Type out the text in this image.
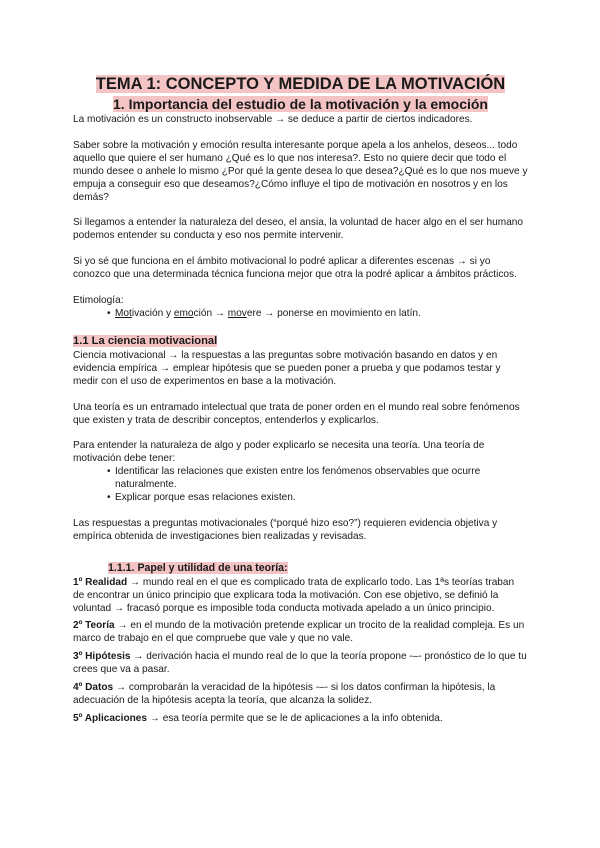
TEMA 1: CONCEPTO Y MEDIDA DE LA MOTIVACIÓN
1. Importancia del estudio de la motivación y la emoción

La motivación es un constructo inobservable → se deduce a partir de ciertos indicadores.

Saber sobre la motivación y emoción resulta interesante porque apela a los anhelos, deseos... todo aquello que quiere el ser humano ¿Qué es lo que nos interesa?. Esto no quiere decir que todo el mundo desee o anhele lo mismo ¿Por qué la gente desea lo que desea?¿Qué es lo que nos mueve y empuja a conseguir eso que deseamos?¿Cómo influye el tipo de motivación en nosotros y en los demás?

Si llegamos a entender la naturaleza del deseo, el ansia, la voluntad de hacer algo en el ser humano podemos entender su conducta y eso nos permite intervenir.

Si yo sé que funciona en el ámbito motivacional lo podré aplicar a diferentes escenas → si yo conozco que una determinada técnica funciona mejor que otra la podré aplicar a ámbitos prácticos.

Etimología:
• Motivación y emoción → movere → ponerse en movimiento en latín.
1.1 La ciencia motivacional

Ciencia motivacional → la respuestas a las preguntas sobre motivación basando en datos y en evidencia empírica → emplear hipótesis que se pueden poner a prueba y que podamos testar y medir con el uso de experimentos en base a la motivación.

Una teoría es un entramado intelectual que trata de poner orden en el mundo real sobre fenómenos que existen y trata de describir conceptos, entenderlos y explicarlos.

Para entender la naturaleza de algo y poder explicarlo se necesita una teoría. Una teoría de motivación debe tener:

• Identificar las relaciones que existen entre los fenómenos observables que ocurre naturalmente.
• Explicar porque esas relaciones existen.

Las respuestas a preguntas motivacionales (“porqué hizo eso?”) requieren evidencia objetiva y empírica obtenida de investigaciones bien realizadas y revisadas.

1.1.1. Papel y utilidad de una teoría:
1º Realidad → mundo real en el que es complicado trata de explicarlo todo. Las 1ªs teorías traban de encontrar un único principio que explicara toda la motivación. Con ese objetivo, se definió la voluntad → fracasó porque es imposible toda conducta motivada apelado a un único principio.
2º Teoría → en el mundo de la motivación pretende explicar un trocito de la realidad compleja. Es un marco de trabajo en el que compruebe que vale y que no vale.
3º Hipótesis → derivación hacia el mundo real de lo que la teoría propone -–- pronóstico de lo que tu crees que va a pasar.
4º Datos → comprobarán la veracidad de la hipótesis -–- si los datos confirman la hipótesis, la adecuación de la hipótesis acepta la teoría, que alcanza la solidez.
5º Aplicaciones → esa teoría permite que se le de aplicaciones a la info obtenida.
